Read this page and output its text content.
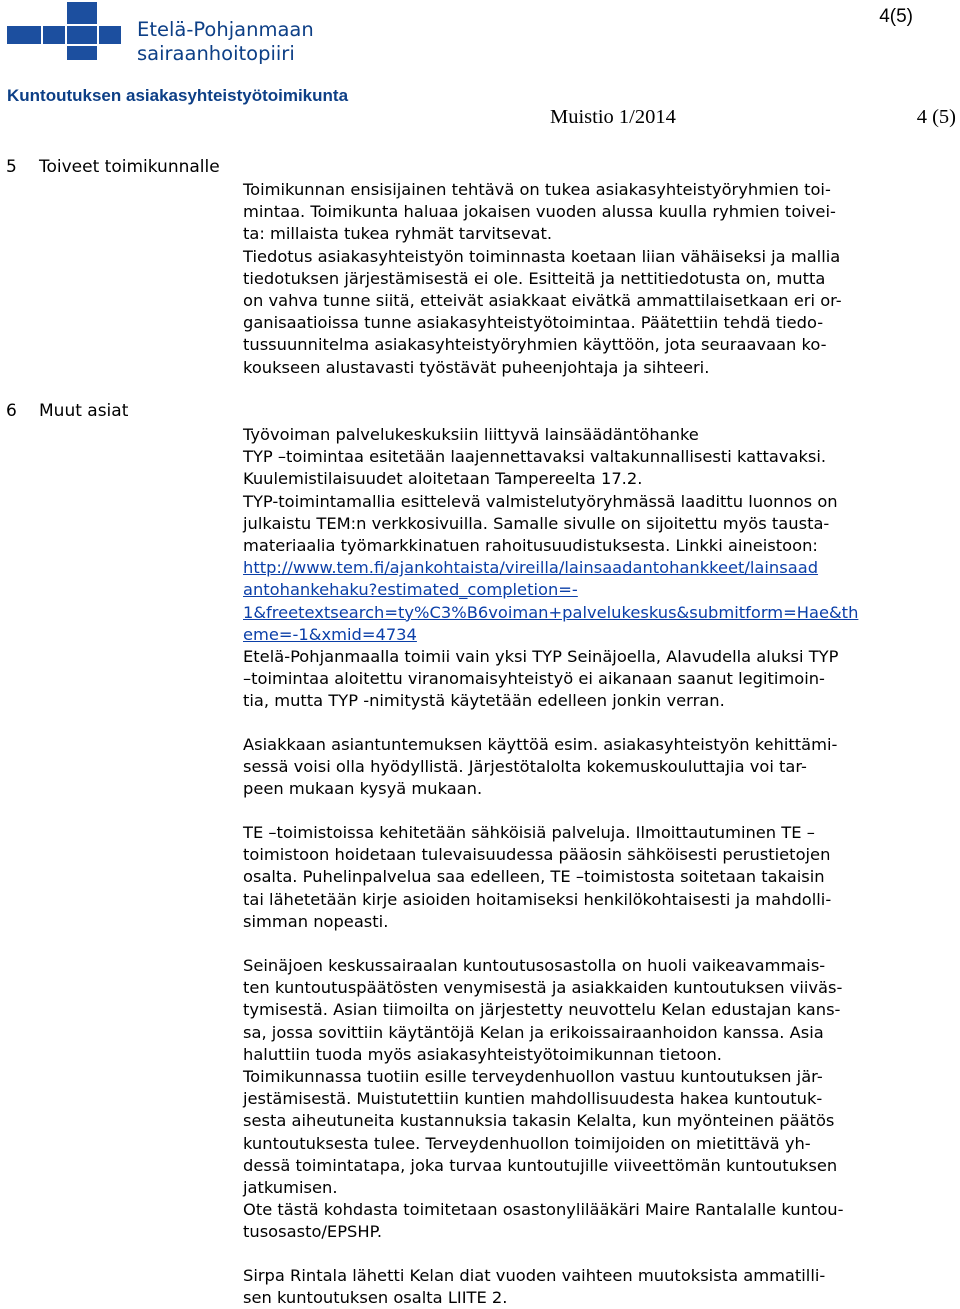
Etelä-Pohjanmaan
sairaanhoitopiiri
4(5)
Kuntoutuksen asiakasyhteistyötoimikunta
Muistio 1/2014	4 (5)
5 Toiveet toimikunnalle
Toimikunnan ensisijainen tehtävä on tukea asiakasyhteistyöryhmien toi-
mintaa. Toimikunta haluaa jokaisen vuoden alussa kuulla ryhmien toivei-
ta: millaista tukea ryhmät tarvitsevat.
Tiedotus asiakasyhteistyön toiminnasta koetaan liian vähäiseksi ja mallia
tiedotuksen järjestämisestä ei ole. Esitteitä ja nettitiedotusta on, mutta
on vahva tunne siitä, etteivät asiakkaat eivätkä ammattilaisetkaan eri or-
ganisaatioissa tunne asiakasyhteistyötoimintaa. Päätettiin tehdä tiedo-
tussuunnitelma asiakasyhteistyöryhmien käyttöön, jota seuraavaan ko-
koukseen alustavasti työstävät puheenjohtaja ja sihteeri.
6 Muut asiat
Työvoiman palvelukeskuksiin liittyvä lainsäädäntöhanke
TYP –toimintaa esitetään laajennettavaksi valtakunnallisesti kattavaksi.
Kuulemistilaisuudet aloitetaan Tampereelta 17.2.
TYP-toimintamallia esittelevä valmistelutyöryhmässä laadittu luonnos on
julkaistu TEM:n verkkosivuilla. Samalle sivulle on sijoitettu myös tausta-
materiaalia työmarkkinatuen rahoitusuudistuksesta. Linkki aineistoon:
http://www.tem.fi/ajankohtaista/vireilla/lainsaadantohankkeet/lainsaad
antohankehaku?estimated_completion=-
1&freetextsearch=ty%C3%B6voiman+palvelukeskus&submitform=Hae&th
eme=-1&xmid=4734
Etelä-Pohjanmaalla toimii vain yksi TYP Seinäjoella, Alavudella aluksi TYP
–toimintaa aloitettu viranomaisyhteistyö ei aikanaan saanut legitimoin-
tia, mutta TYP -nimitystä käytetään edelleen jonkin verran.
Asiakkaan asiantuntemuksen käyttöä esim. asiakasyhteistyön kehittämi-
sessä voisi olla hyödyllistä. Järjestötalolta kokemuskouluttajia voi tar-
peen mukaan kysyä mukaan.
TE –toimistoissa kehitetään sähköisiä palveluja. Ilmoittautuminen TE –
toimistoon hoidetaan tulevaisuudessa pääosin sähköisesti perustietojen
osalta. Puhelinpalvelua saa edelleen, TE –toimistosta soitetaan takaisin
tai lähetetään kirje asioiden hoitamiseksi henkilökohtaisesti ja mahdolli-
simman nopeasti.
Seinäjoen keskussairaalan kuntoutusosastolla on huoli vaikeavammais-
ten kuntoutuspäätösten venymisestä ja asiakkaiden kuntoutuksen viiväs-
tymisestä. Asian tiimoilta on järjestetty neuvottelu Kelan edustajan kans-
sa, jossa sovittiin käytäntöjä Kelan ja erikoissairaanhoidon kanssa. Asia
haluttiin tuoda myös asiakasyhteistyötoimikunnan tietoon.
Toimikunnassa tuotiin esille terveydenhuollon vastuu kuntoutuksen jär-
jestämisestä. Muistutettiin kuntien mahdollisuudesta hakea kuntoutuk-
sesta aiheutuneita kustannuksia takasin Kelalta, kun myönteinen päätös
kuntoutuksesta tulee. Terveydenhuollon toimijoiden on mietittävä yh-
dessä toimintatapa, joka turvaa kuntoutujille viiveettömän kuntoutuksen
jatkumisen.
Ote tästä kohdasta toimitetaan osastonylilääkäri Maire Rantalalle kuntou-
tusosasto/EPSHP.
Sirpa Rintala lähetti Kelan diat vuoden vaihteen muutoksista ammatilli-
sen kuntoutuksen osalta LIITE 2.
